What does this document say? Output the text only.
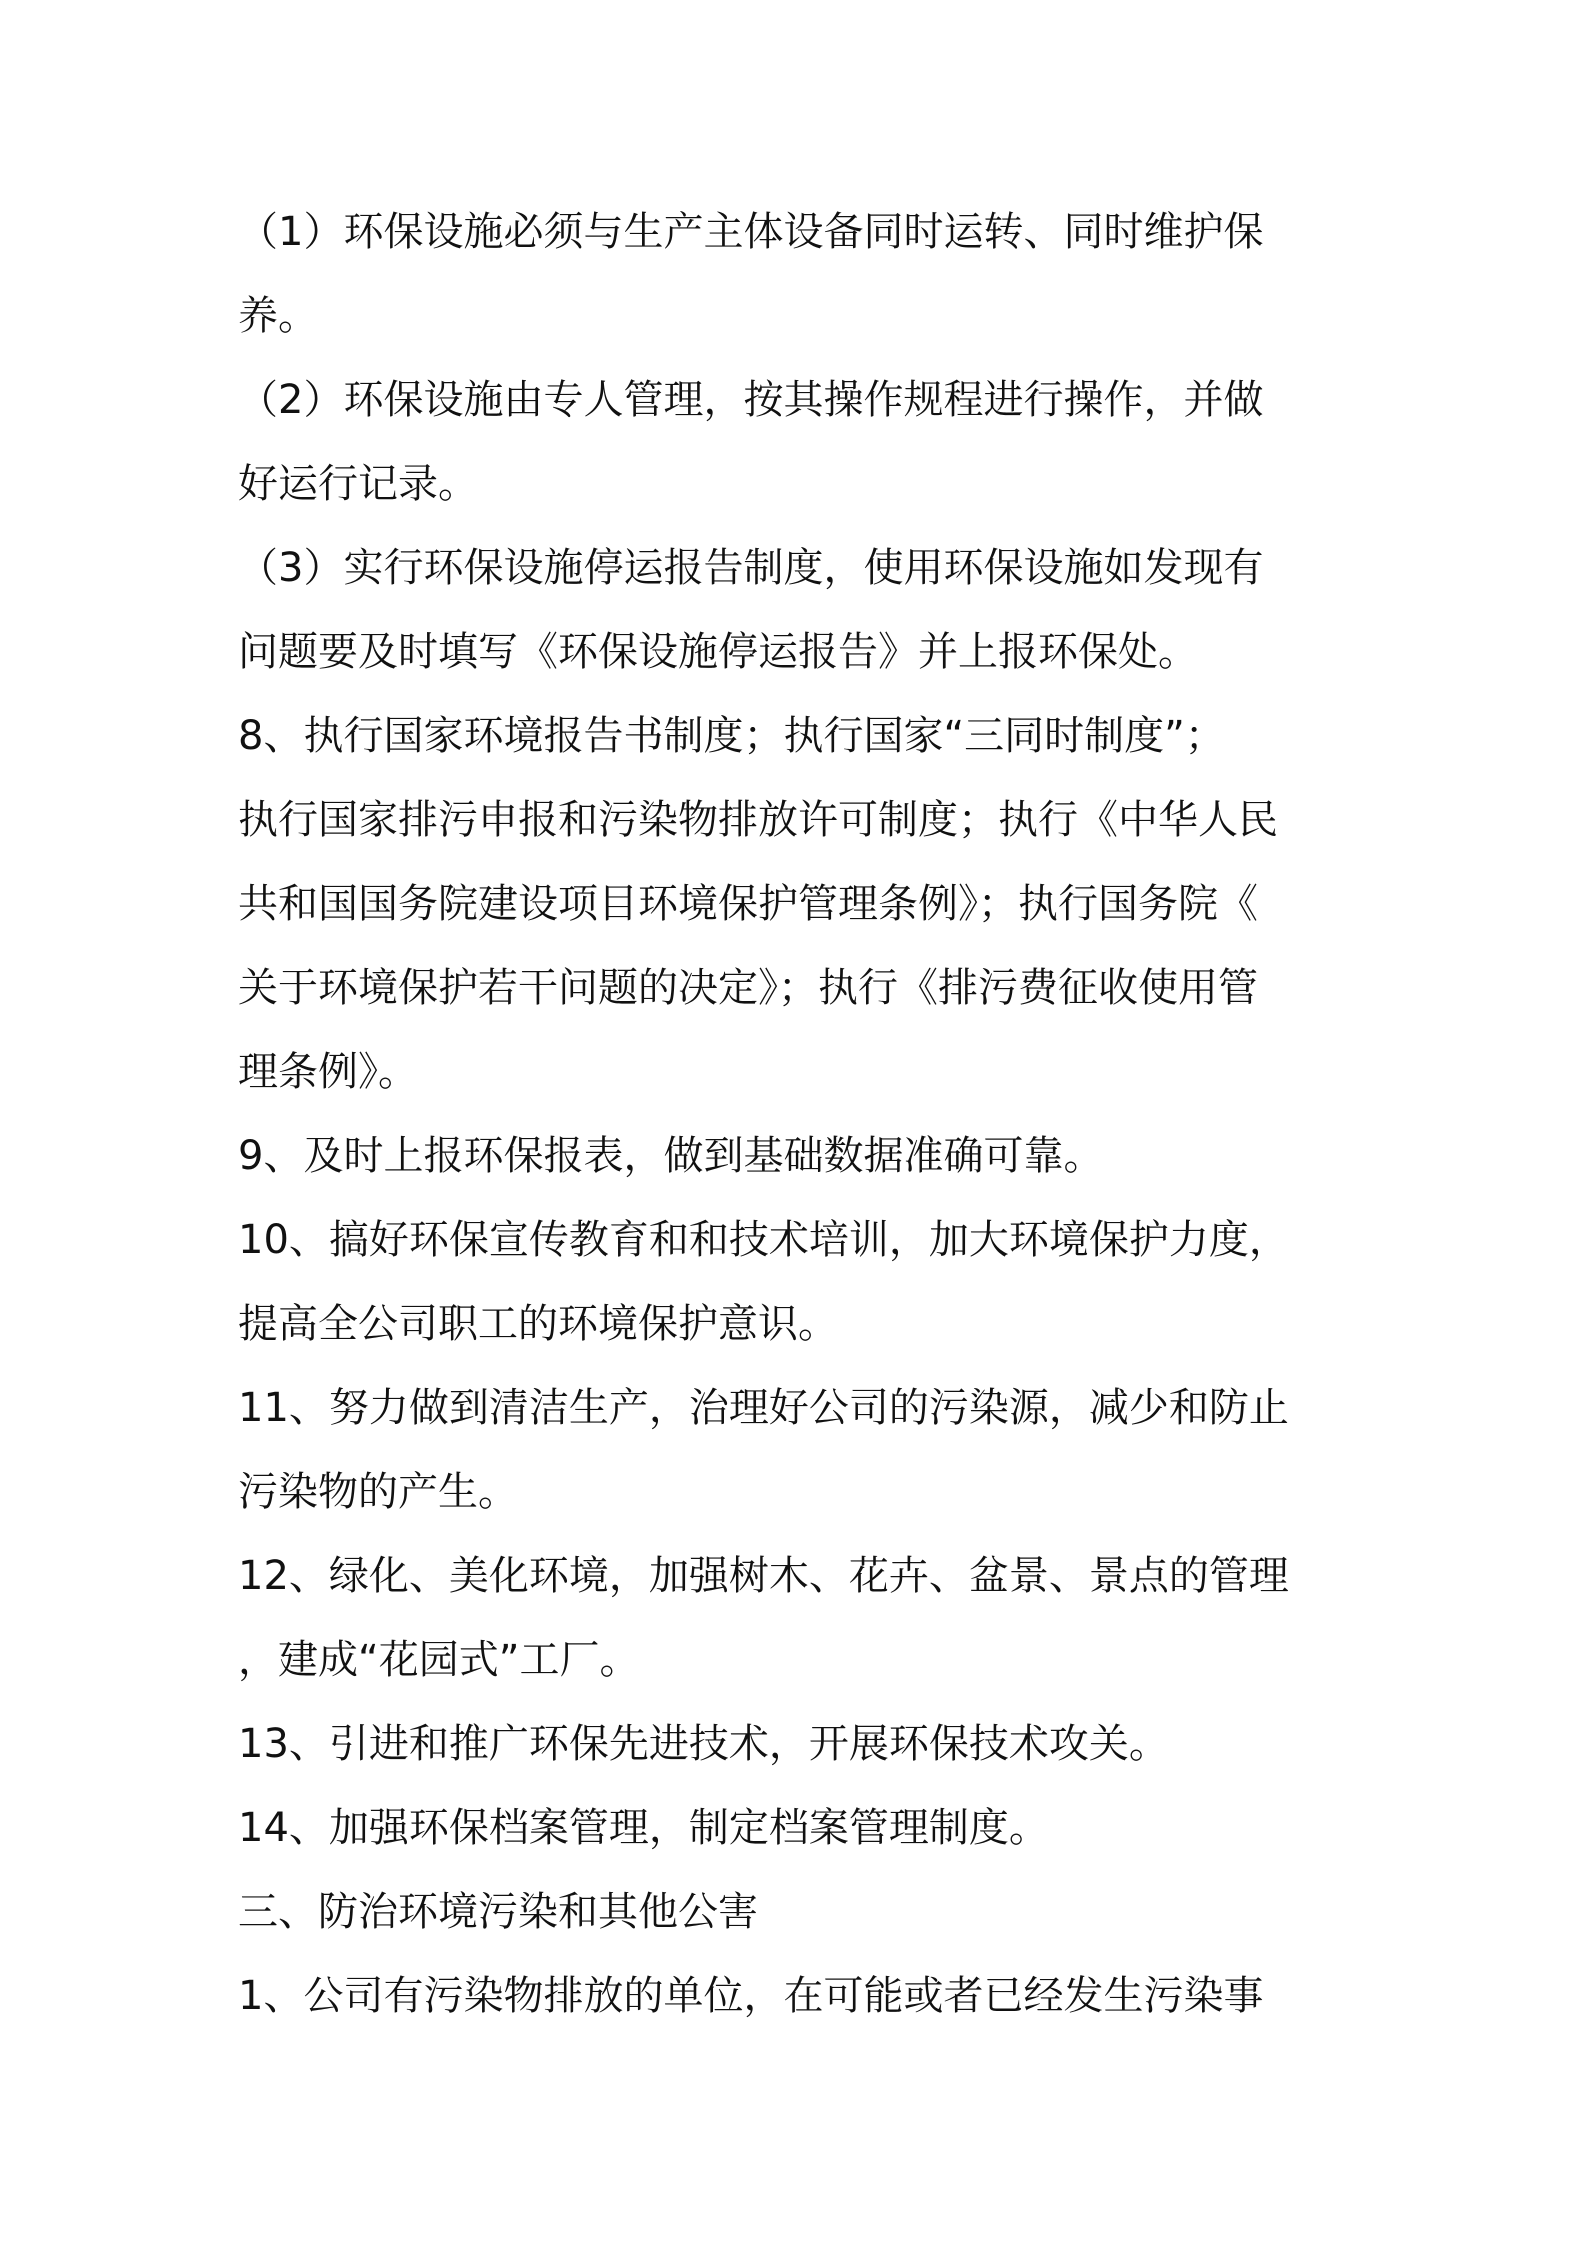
（1）环保设施必须与生产主体设备同时运转、同时维护保
养。
（2）环保设施由专人管理，按其操作规程进行操作，并做
好运行记录。
（3）实行环保设施停运报告制度，使用环保设施如发现有
问题要及时填写《环保设施停运报告》并上报环保处。
8、执行国家环境报告书制度；执行国家“三同时制度”；
执行国家排污申报和污染物排放许可制度；执行《中华人民
共和国国务院建设项目环境保护管理条例》；执行国务院《
关于环境保护若干问题的决定》；执行《排污费征收使用管
理条例》。
9、及时上报环保报表，做到基础数据准确可靠。
10、搞好环保宣传教育和和技术培训，加大环境保护力度，
提高全公司职工的环境保护意识。
11、努力做到清洁生产，治理好公司的污染源，减少和防止
污染物的产生。
12、绿化、美化环境，加强树木、花卉、盆景、景点的管理
，建成“花园式”工厂。
13、引进和推广环保先进技术，开展环保技术攻关。
14、加强环保档案管理，制定档案管理制度。
三、防治环境污染和其他公害
1、公司有污染物排放的单位，在可能或者已经发生污染事
